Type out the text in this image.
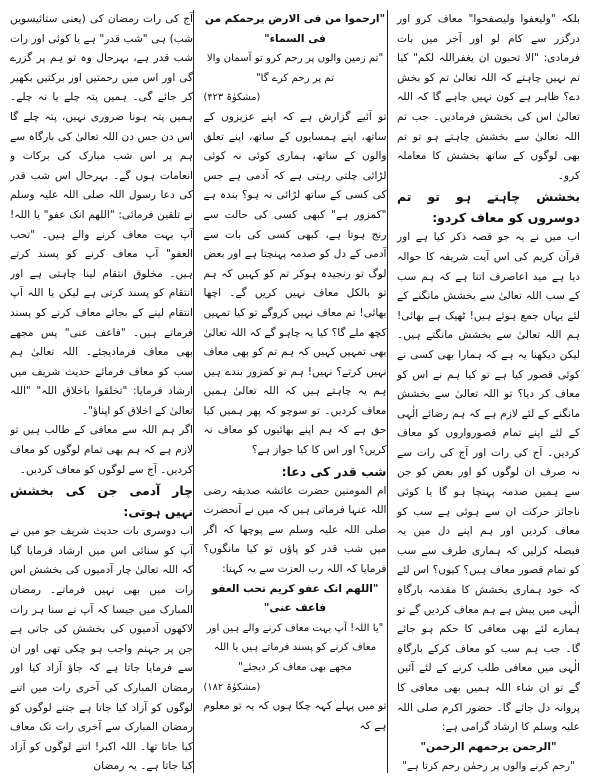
بلکہ "ولیعفوا ولیصفحوا" معاف کرو اور درگزر سے کام لو اور آخر میں بات فرمادی: "الا تحبون ان یغفراللہ لکم" کیا تم نہیں چاہتے کہ اللہ تعالیٰ تم کو بخش دے؟ ظاہر ہے کون نہیں چاہے گا کہ اللہ تعالیٰ اس کی بخشش فرمادیں۔ جب تم اللہ تعالیٰ سے بخشش چاہتے ہو تو تم بھی لوگوں کے ساتھ بخشش کا معاملہ کرو۔

بخشش چاہتے ہو تو تم دوسروں کو معاف کردو:

اب میں نے یہ جو قصہ ذکر کیا ہے اور قرآن کریم کی اس آیت شریفہ کا حوالہ دیا ہے مید اعاصرف اتنا ہے کہ ہم سب کے سب اللہ تعالیٰ سے بخشش مانگنے کے لئے یہاں جمع ہوئے ہیں! ٹھیک ہے بھائی! ہم اللہ تعالیٰ سے بخشش مانگتے ہیں۔ لیکن دیکھنا یہ ہے کہ ہمارا بھی کسی نے کوئی قصور کیا ہے تو کیا ہم نے اس کو معاف کر دیا؟ تو اللہ تعالیٰ سے بخشش مانگنے کے لئے لازم ہے کہ ہم رضائے الٰہی کے لئے اپنے تمام قصورواروں کو معاف کردیں۔ آج کی رات اور آج کی رات سے نہ صرف ان لوگوں کو اور بعض کو جن سے ہمیں صدمہ پہنچا ہو گا یا کوئی ناجائز حرکت ان سے ہوئی ہے سب کو معاف کردیں اور ہم اپنے دل میں یہ فیصلہ کرلیں کہ ہماری طرف سے سب کو تمام قصور معاف ہیں؟ کیوں؟ اس لئے کہ خود ہماری بخشش کا مقدمہ بارگاہِ الٰہی میں پیش ہے ہم معاف کردیں گے تو ہمارے لئے بھی معافی کا حکم ہو جائے گا۔ جب ہم سب کو معاف کرکے بارگاہِ الٰہی میں معافی طلب کرنے کے لئے آئیں گے تو ان شاء اللہ ہمیں بھی معافی کا پروانہ دل جائے گا۔ حضور اکرم صلی اللہ علیہ وسلم کا ارشاد گرامی ہے:

"الرحمن یرحمھم الرحمن"

"رحم کرنے والوں پر رحمٰن رحم کرتا ہے"

"ارحموا من فی الارض یرحمکم من فی السماء"

"تم زمین والوں پر رحم کرو تو آسمان والا تم پر رحم کرے گا"

(مشکوٰۃ ۴۲۳)

تو آئیے گزارش ہے کہ اپنے عزیزوں کے ساتھ، اپنے ہمسایوں کے ساتھ، اپنے تعلق والوں کے ساتھ، ہماری کوئی نہ کوئی لڑائی چلتی رہتی ہے کہ آدمی ہے جس کی کسی کے ساتھ لڑائی نہ ہو؟ بندہ ہے "کمزور ہے" کبھی کسی کی حالت سے رنج ہوتا ہے، کبھی کسی کی بات سے آدمی کے دل کو صدمہ پہنچتا ہے اور بعض لوگ تو رنجیدہ ہوکر تم کو کہیں کہ ہم تو بالکل معاف نہیں کریں گے۔ اچھا بھائی! تم معاف نہیں کروگے تو کیا تمہیں کچھ ملے گا؟ کیا یہ چاہو گے کہ اللہ تعالیٰ بھی تمہیں کہیں کہ ہم تم کو بھی معاف نہیں کرتے؟ نہیں! ہم تو کمزور بندے ہیں ہم یہ چاہتے ہیں کہ اللہ تعالیٰ ہمیں معاف کردیں۔ تو سوچو کہ پھر ہمیں کیا حق ہے کہ ہم اپنے بھائیوں کو معاف نہ کریں؟ اور اس کا کیا جواز ہے؟

شب قدر کی دعا:

ام المومنین حضرت عائشہ صدیقہ رضی اللہ عنہا فرماتی ہیں کہ میں نے آنحضرت صلی اللہ علیہ وسلم سے پوچھا کہ اگر میں شب قدر کو پاؤں تو کیا مانگوں؟ فرمایا کہ اللہ رب العزت سے یہ کہنا:

"اللھم انک عفو کریم تحب العفو فاعف عنی"

"یا اللہ! آپ بہت معاف کرنے والے ہیں اور معاف کرنے کو پسند فرماتے ہیں یا اللہ مجھے بھی معاف کر دیجئے"

(مشکوٰۃ ۱۸۲)

تو میں پہلے کہہ چکا ہوں کہ یہ تو معلوم ہے کہ

آج کی رات رمضان کی (یعنی ستائیسویں شب) ہی "شب قدر" ہے یا کوئی اور رات شب قدر ہے، بہرحال وہ تو ہم پر گزرے گی اور اس میں رحمتیں اور برکتیں بکھیر کر جائے گی۔ ہمیں پتہ چلے یا نہ چلے۔ ہمیں پتہ ہونا ضروری نہیں، پتہ چلے گا اس دن جس دن اللہ تعالیٰ کی بارگاہ سے ہم پر اس شب مبارک کی برکات و انعامات ہوں گے۔ بہرحال اس شب قدر کی دعا رسول اللہ صلی اللہ علیہ وسلم نے تلقین فرمائی: "اللھم انک عفو" یا اللہ! آپ بہت معاف کرنے والے ہیں۔ "تحب العفو" آپ معاف کرنے کو پسند کرتے ہیں۔ مخلوق انتقام لینا چاہتی ہے اور انتقام کو پسند کرتی ہے لیکن یا اللہ آپ انتقام لینے کے بجائے معاف کرنے کو پسند فرماتے ہیں۔ "فاعف عنی" پس مجھے بھی معاف فرمادیجئے۔ اللہ تعالیٰ ہم سب کو معاف فرمائے حدیث شریف میں ارشاد فرمایا: "تخلقوا باخلاق اللہ" "اللہ تعالیٰ کے اخلاق کو اپناؤ"۔

اگر ہم اللہ سے معافی کے طالب ہیں تو لازم ہے کہ ہم بھی تمام لوگوں کو معاف کردیں۔ آج سے لوگوں کو معاف کردیں۔

چار آدمی جن کی بخشش نہیں ہوتی:

اب دوسری بات حدیث شریف جو میں نے آپ کو سنائی اس میں ارشاد فرمایا گیا کہ اللہ تعالیٰ چار آدمیوں کی بخشش اس رات میں بھی نہیں فرماتے۔ رمضان المبارک میں جیسا کہ آپ نے سنا ہر رات لاکھوں آدمیوں کی بخشش کی جاتی ہے جن پر جہنم واجب ہو چکی تھی اور ان سے فرمایا جاتا ہے کہ جاؤ آزاد کیا اور رمضان المبارک کی آخری رات میں اتنے لوگوں کو آزاد کیا جاتا ہے جتنے لوگوں کو رمضان المبارک سے آخری رات تک معاف کیا جاتا تھا۔ اللہ اکبر! اتنے لوگوں کو آزاد کیا جاتا ہے۔ یہ رمضان
